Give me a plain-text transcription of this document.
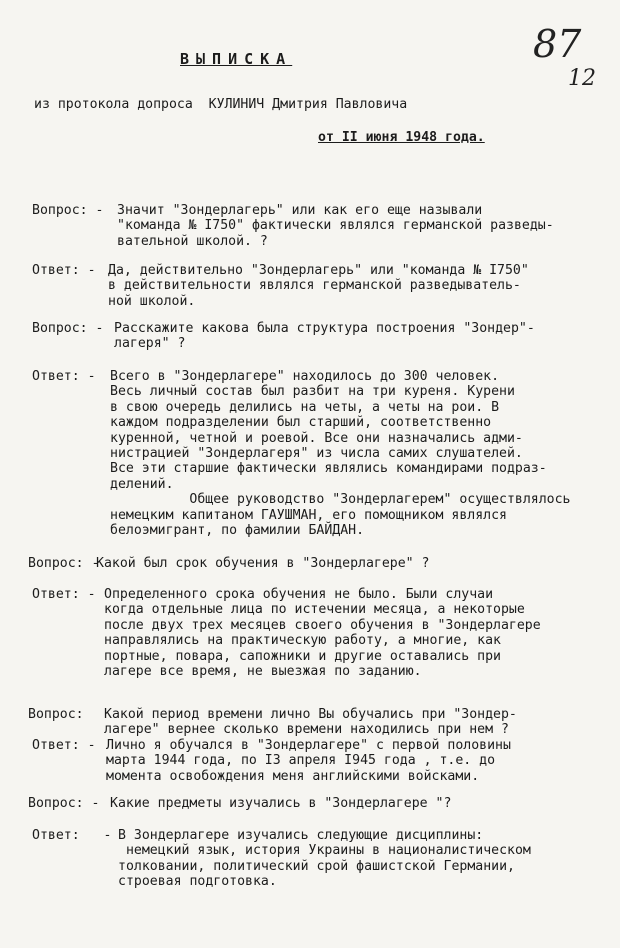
ВЫПИСКА	87
12
из протокола допроса  КУЛИНИЧ Дмитрия Павловича
от II июня 1948 года.
Вопрос: - Значит "Зондерлагерь" или как его еще называли
"команда № I750" фактически являлся германской разведы-
вательной школой. ?
Ответ: - Да, действительно "Зондерлагерь" или "команда № I750"
в действительности являлся германской разведыватель-
ной школой.
Вопрос: - Расскажите какова была структура построения "Зондер"-
лагеря" ?
Ответ: - Всего в "Зондерлагере" находилось до 300 человек.
Весь личный состав был разбит на три куреня. Курени
в свою очередь делились на четы, а четы на рои. В
каждом подразделении был старший, соответственно
куренной, четной и роевой. Все они назначались адми-
нистрацией "Зондерлагеря" из числа самих слушателей.
Все эти старшие фактически являлись командирами подраз-
делений.
Общее руководство "Зондерлагерем" осуществлялось
немецким капитаном ГАУШМАН, его помощником являлся
белоэмигрант, по фамилии БАЙДАН.
Вопрос: -
Какой был срок обучения в "Зондерлагере" ?
Ответ: - Определенного срока обучения не было. Были случаи
когда отдельные лица по истечении месяца, а некоторые
после двух трех месяцев своего обучения в "Зондерлагере
направлялись на практическую работу, а многие, как
портные, повара, сапожники и другие оставались при
лагере все время, не выезжая по заданию.
Вопрос: Какой период времени лично Вы обучались при "Зондер-
лагере" вернее сколько времени находились при нем ?
Ответ: - Лично я обучался в "Зондерлагере" с первой половины
марта 1944 года, по I3 апреля I945 года , т.е. до
момента освобождения меня английскими войсками.
Вопрос: - Какие предметы изучались в "Зондерлагере "?
Ответ:   - В Зондерлагере изучались следующие дисциплины:
немецкий язык, история Украины в националистическом
толковании, политический срой фашистской Германии,
строевая подготовка.
